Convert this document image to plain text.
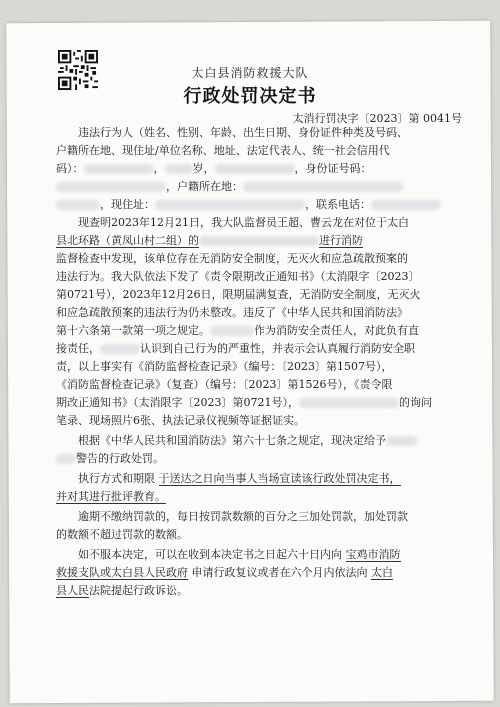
太白县消防救援大队
行政处罚决定书
太消行罚决字〔2023〕第 0041号
违法行为人（姓名、性别、年龄、出生日期、身份证件种类及号码、
户籍所在地、现住址/单位名称、地址、法定代表人、统一社会信用代
码）：	，	岁，	，身份证号码：
，户籍所在地：
，现住址：	，联系电话：
现查明2023年12月21日，我大队监督员王超、曹云龙在对位于太白
县北环路（黄凤山村二组）的	进行消防
监督检查中发现，该单位存在无消防安全制度，无灭火和应急疏散预案的
违法行为。我大队依法下发了《责令限期改正通知书》（太消限字〔2023〕
第0721号），2023年12月26日，限期届满复查，无消防安全制度，无灭火
和应急疏散预案的违法行为仍未整改。违反了《中华人民共和国消防法》
第十六条第一款第一项之规定。	作为消防安全责任人，对此负有直
接责任，	认识到自己行为的严重性，并表示会认真履行消防安全职
责，以上事实有《消防监督检查记录》（编号：〔2023〕第1507号），
《消防监督检查记录》（复查）（编号：〔2023〕第1526号），《责令限
期改正通知书》（太消限字〔2023〕第0721号），	的询问
笔录、现场照片6张、执法记录仪视频等证据证实。
根据《中华人民共和国消防法》第六十七条之规定，现决定给予
警告的行政处罚。
执行方式和期限 于送达之日向当事人当场宣读该行政处罚决定书，
并对其进行批评教育。
逾期不缴纳罚款的，每日按罚款数额的百分之三加处罚款，加处罚款
的数额不超过罚款的数额。
如不服本决定，可以在收到本决定书之日起六十日内向 宝鸡市消防
救援支队或太白县人民政府 申请行政复议或者在六个月内依法向 太白
县人民法院提起行政诉讼。
